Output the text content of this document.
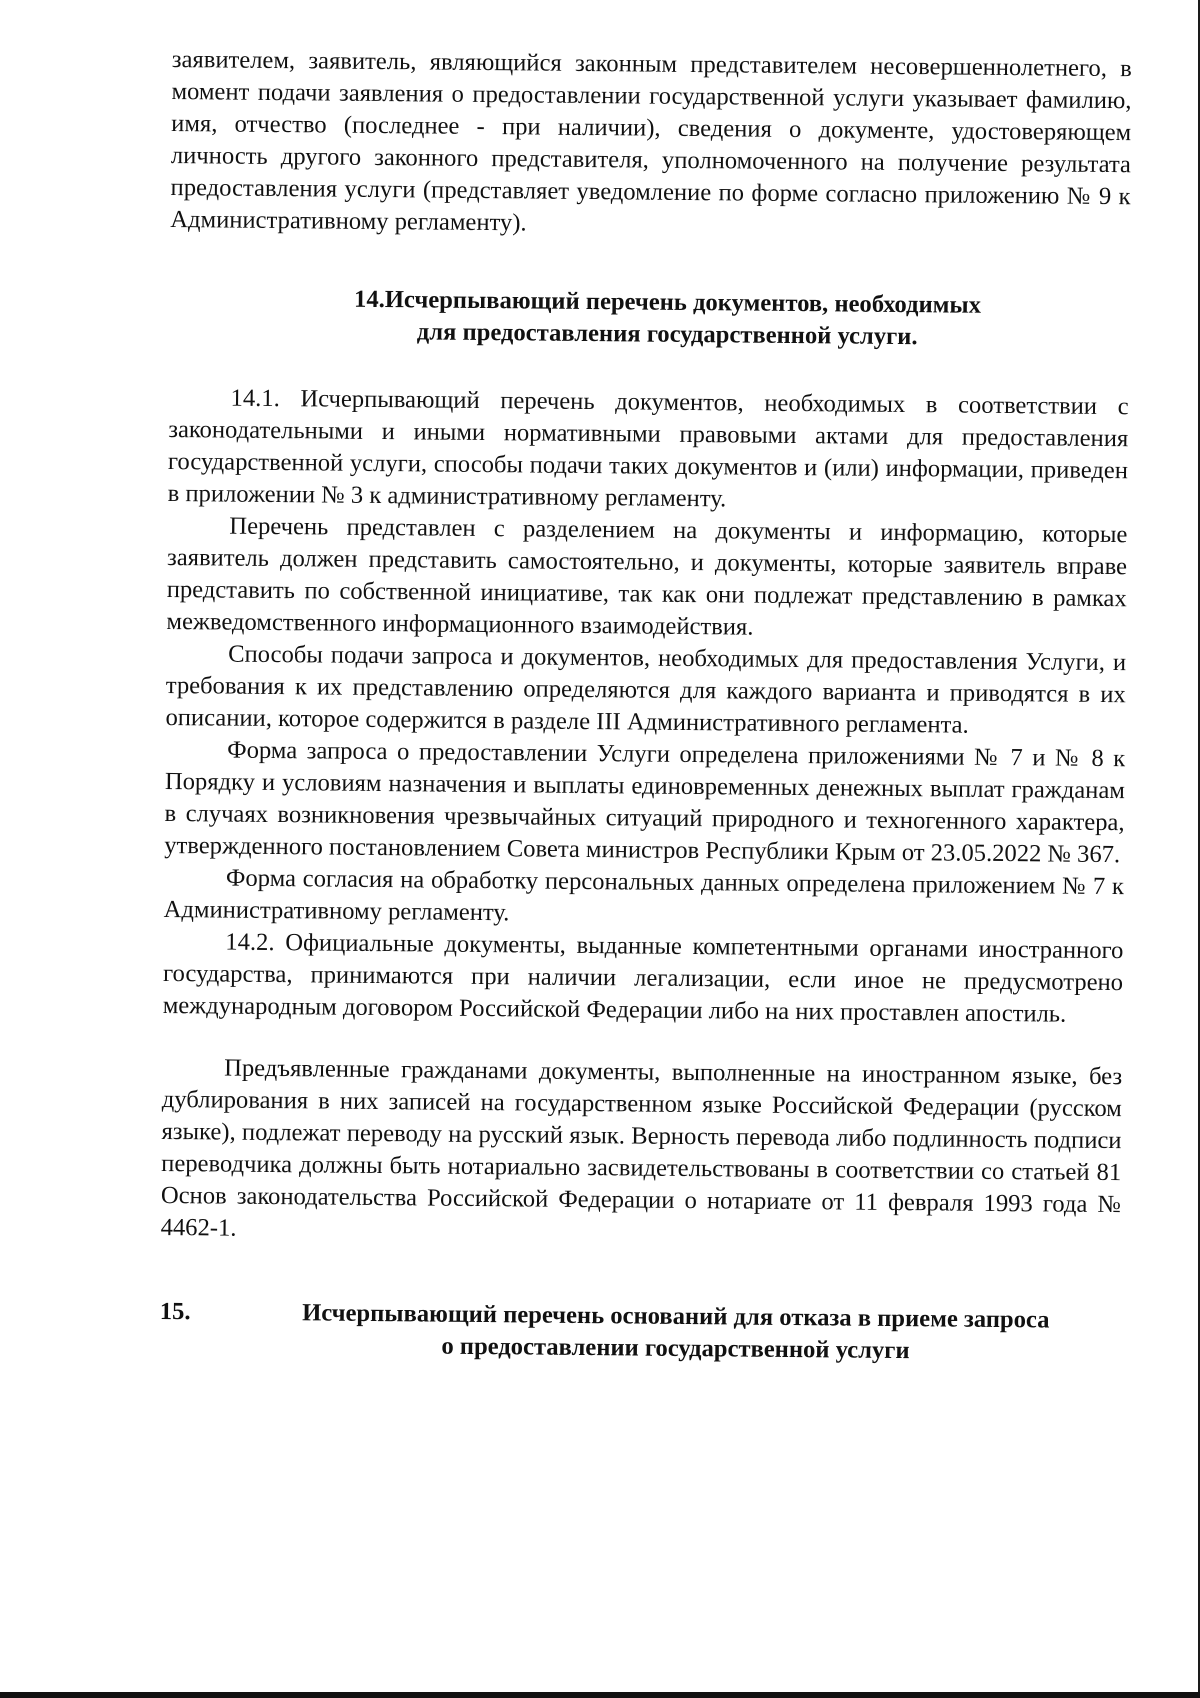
заявителем, заявитель, являющийся законным представителем несовершеннолетнего, в момент подачи заявления о предоставлении государственной услуги указывает фамилию, имя, отчество (последнее - при наличии), сведения о документе, удостоверяющем личность другого законного представителя, уполномоченного на получение результата предоставления услуги (представляет уведомление по форме согласно приложению № 9 к Административному регламенту).

14.Исчерпывающий перечень документов, необходимых
для предоставления государственной услуги.

14.1. Исчерпывающий перечень документов, необходимых в соответствии с законодательными и иными нормативными правовыми актами для предоставления государственной услуги, способы подачи таких документов и (или) информации, приведен в приложении № 3 к административному регламенту.

Перечень представлен с разделением на документы и информацию, которые заявитель должен представить самостоятельно, и документы, которые заявитель вправе представить по собственной инициативе, так как они подлежат представлению в рамках межведомственного информационного взаимодействия.

Способы подачи запроса и документов, необходимых для предоставления Услуги, и требования к их представлению определяются для каждого варианта и приводятся в их описании, которое содержится в разделе III Административного регламента.

Форма запроса о предоставлении Услуги определена приложениями № 7 и № 8 к Порядку и условиям назначения и выплаты единовременных денежных выплат гражданам в случаях возникновения чрезвычайных ситуаций природного и техногенного характера, утвержденного постановлением Совета министров Республики Крым от 23.05.2022 № 367.

Форма согласия на обработку персональных данных определена приложением № 7 к Административному регламенту.

14.2. Официальные документы, выданные компетентными органами иностранного государства, принимаются при наличии легализации, если иное не предусмотрено международным договором Российской Федерации либо на них проставлен апостиль.

Предъявленные гражданами документы, выполненные на иностранном языке, без дублирования в них записей на государственном языке Российской Федерации (русском языке), подлежат переводу на русский язык. Верность перевода либо подлинность подписи переводчика должны быть нотариально засвидетельствованы в соответствии со статьей 81 Основ законодательства Российской Федерации о нотариате от 11 февраля 1993 года № 4462-1.

15.	Исчерпывающий перечень оснований для отказа в приеме запроса
о предоставлении государственной услуги
